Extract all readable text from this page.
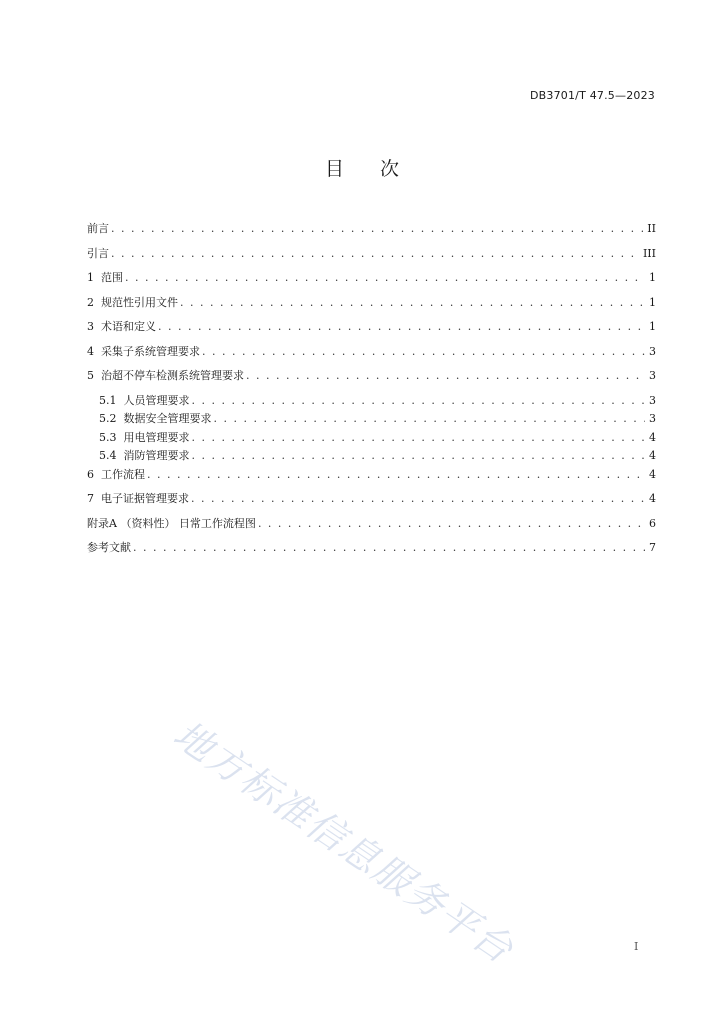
DB3701/T 47.5—2023
目次
前言 . . .	II
引言 . . .	III
1 范围 . . .	1
2 规范性引用文件 . . .	1
3 术语和定义 . . .	1
4 采集子系统管理要求 . . .	3
5 治超不停车检测系统管理要求 . . .	3
5.1 人员管理要求 . . .	3
5.2 数据安全管理要求 . . .	3
5.3 用电管理要求 . . .	4
5.4 消防管理要求 . . .	4
6 工作流程 . . .	4
7 电子证据管理要求 . . .	4
附录A （资料性） 日常工作流程图 . . .	6
参考文献 . . .	7
地方标准信息服务平台	I
